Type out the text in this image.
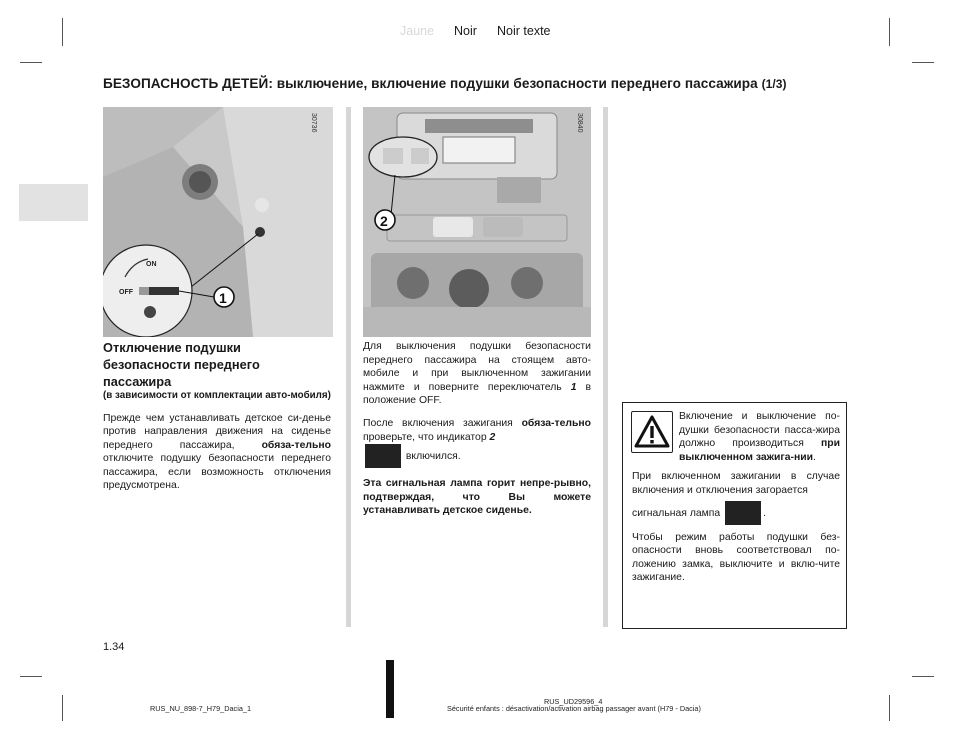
Jaune Noir Noir texte
БЕЗОПАСНОСТЬ ДЕТЕЙ: выключение, включение подушки безопасности переднего пассажира (1/3)
ON
OFF	1
30736
2
30840

Отключение подушки безопасности переднего пассажира

(в зависимости от комплектации авто-мобиля)

Прежде чем устанавливать детское си-денье против направления движения на сиденье переднего пассажира, обяза-тельно отключите подушку безопасности переднего пассажира, если возможность отключения предусмотрена.

Для выключения подушки безопасности переднего пассажира на стоящем авто-мобиле и при выключенном зажигании нажмите и поверните переключатель 1 в положение OFF.

После включения зажигания обяза-тельно проверьте, что индикатор 2
включился.

Эта сигнальная лампа горит непре-рывно, подтверждая, что Вы можете устанавливать детское сиденье.

Включение и выключение по-душки безопасности пасса-жира должно производиться при выключенном зажига-нии.

При включенном зажигании в случае включения и отключения загорается

сигнальная лампа	.

Чтобы режим работы подушки без-опасности вновь соответствовал по-ложению замка, выключите и вклю-чите зажигание.

1.34
RUS_NU_898-7_H79_Dacia_1
RUS_UD29596_4
Sécurité enfants : désactivation/activation airbag passager avant (H79 - Dacia)
